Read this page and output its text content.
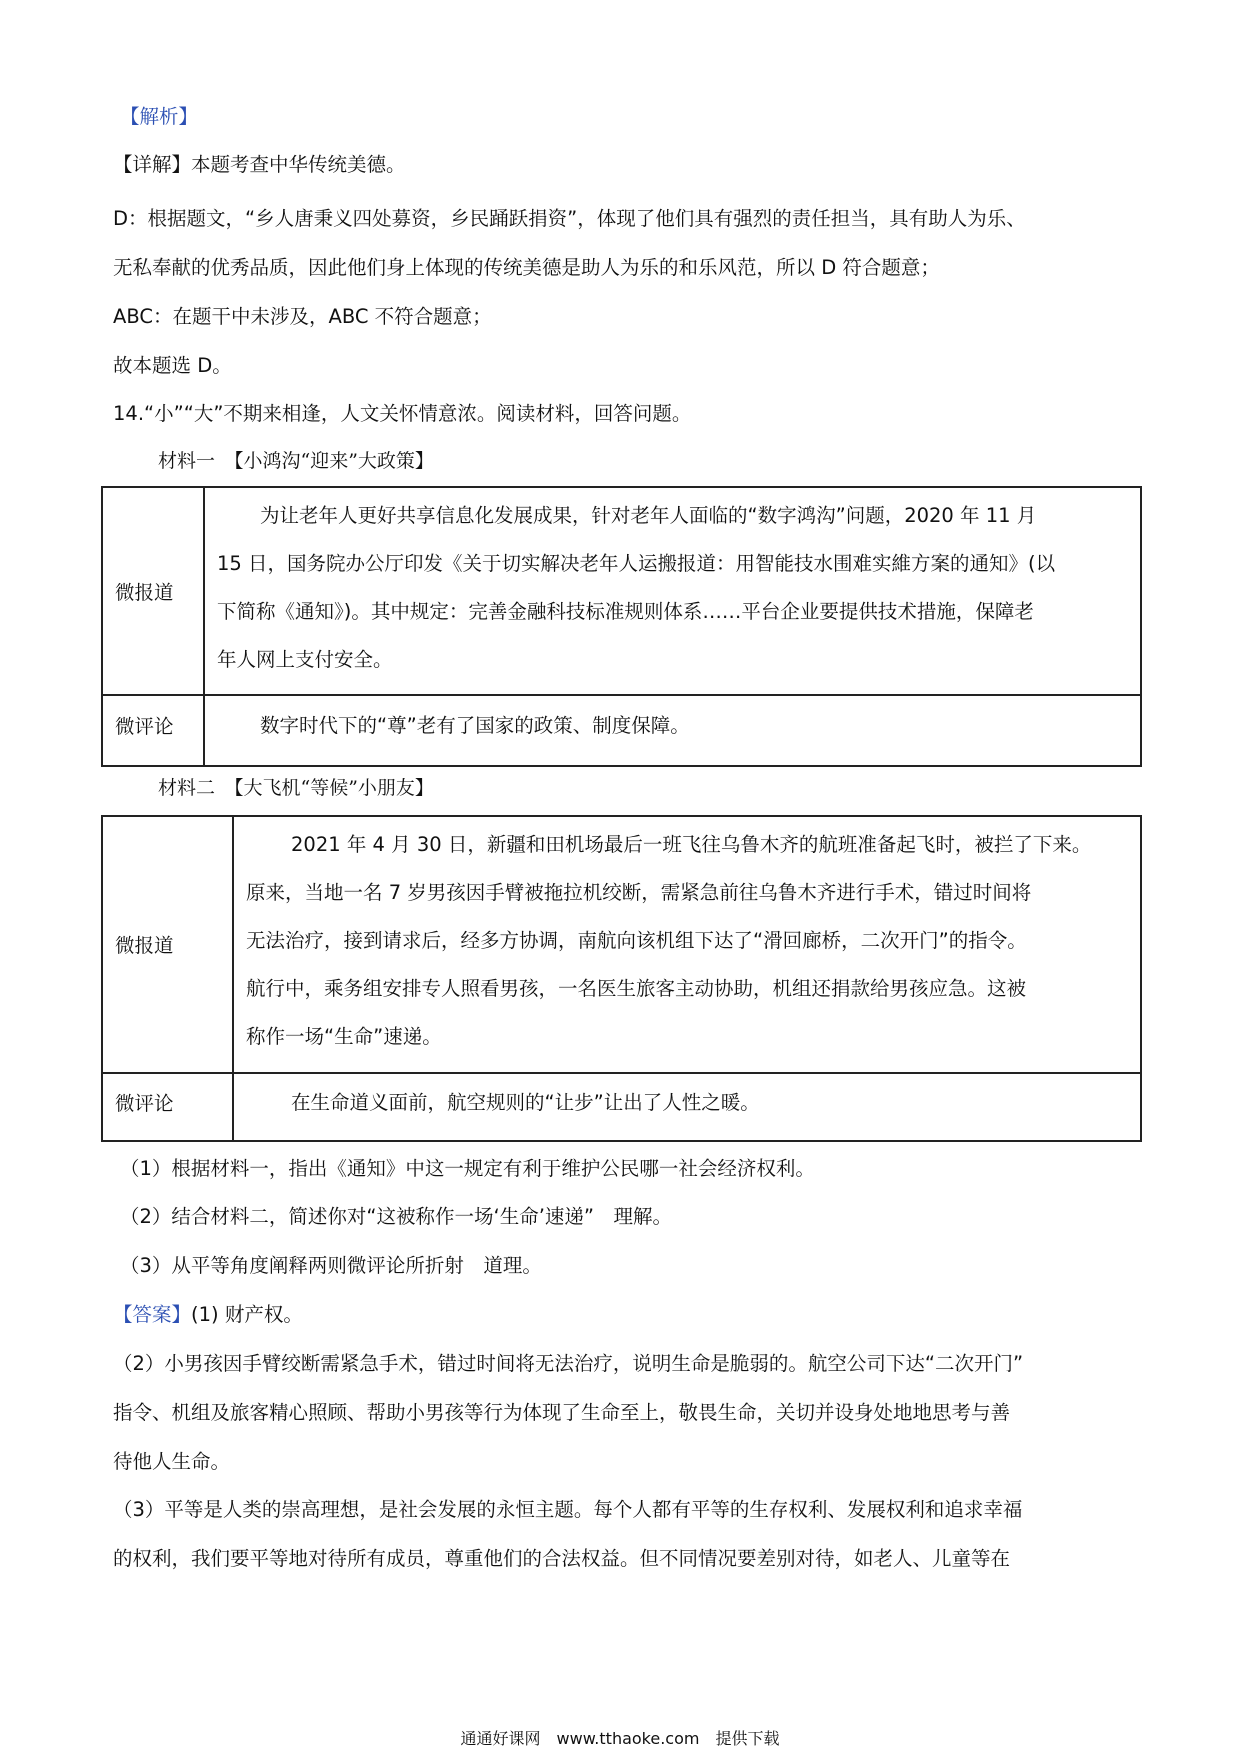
【解析】
【详解】本题考查中华传统美德。
D：根据题文，“乡人唐秉义四处募资，乡民踊跃捐资”，体现了他们具有强烈的责任担当，具有助人为乐、
无私奉献的优秀品质，因此他们身上体现的传统美德是助人为乐的和乐风范，所以 D 符合题意；
ABC：在题干中未涉及，ABC 不符合题意；
故本题选 D。
14.“小”“大”不期来相逢，人文关怀情意浓。阅读材料，回答问题。
材料一　【小鸿沟“迎来”大政策】
微报道
为让老年人更好共享信息化发展成果，针对老年人面临的“数字鸿沟”问题，2020 年 11 月
15 日，国务院办公厅印发《关于切实解决老年人运搬报道：用智能技水围难实維方案的通知》(以
下简称《通知》)。其中规定：完善金融科技标准规则体系……平台企业要提供技术措施，保障老
年人网上支付安全。
微评论	数字时代下的“尊”老有了国家的政策、制度保障。
材料二　【大飞机“等候”小朋友】
微报道
2021 年 4 月 30 日，新疆和田机场最后一班飞往乌鲁木齐的航班准备起飞时，被拦了下来。
原来，当地一名 7 岁男孩因手臂被拖拉机绞断，需紧急前往乌鲁木齐进行手术，错过时间将
无法治疗，接到请求后，经多方协调，南航向该机组下达了“滑回廊桥，二次开门”的指令。
航行中，乘务组安排专人照看男孩，一名医生旅客主动协助，机组还捐款给男孩应急。这被
称作一场“生命”速递。
微评论	在生命道义面前，航空规则的“让步”让出了人性之暖。
（1）根据材料一，指出《通知》中这一规定有利于维护公民哪一社会经济权利。
（2）结合材料二，简述你对“这被称作一场‘生命’速递”　理解。
（3）从平等角度阐释两则微评论所折射　道理。
【答案】(1) 财产权。
（2）小男孩因手臂绞断需紧急手术，错过时间将无法治疗，说明生命是脆弱的。航空公司下达“二次开门”
指令、机组及旅客精心照顾、帮助小男孩等行为体现了生命至上，敬畏生命，关切并设身处地地思考与善
待他人生命。
（3）平等是人类的崇高理想，是社会发展的永恒主题。每个人都有平等的生存权利、发展权利和追求幸福
的权利，我们要平等地对待所有成员，尊重他们的合法权益。但不同情况要差别对待，如老人、儿童等在
通通好课网　www.tthaoke.com　提供下载
